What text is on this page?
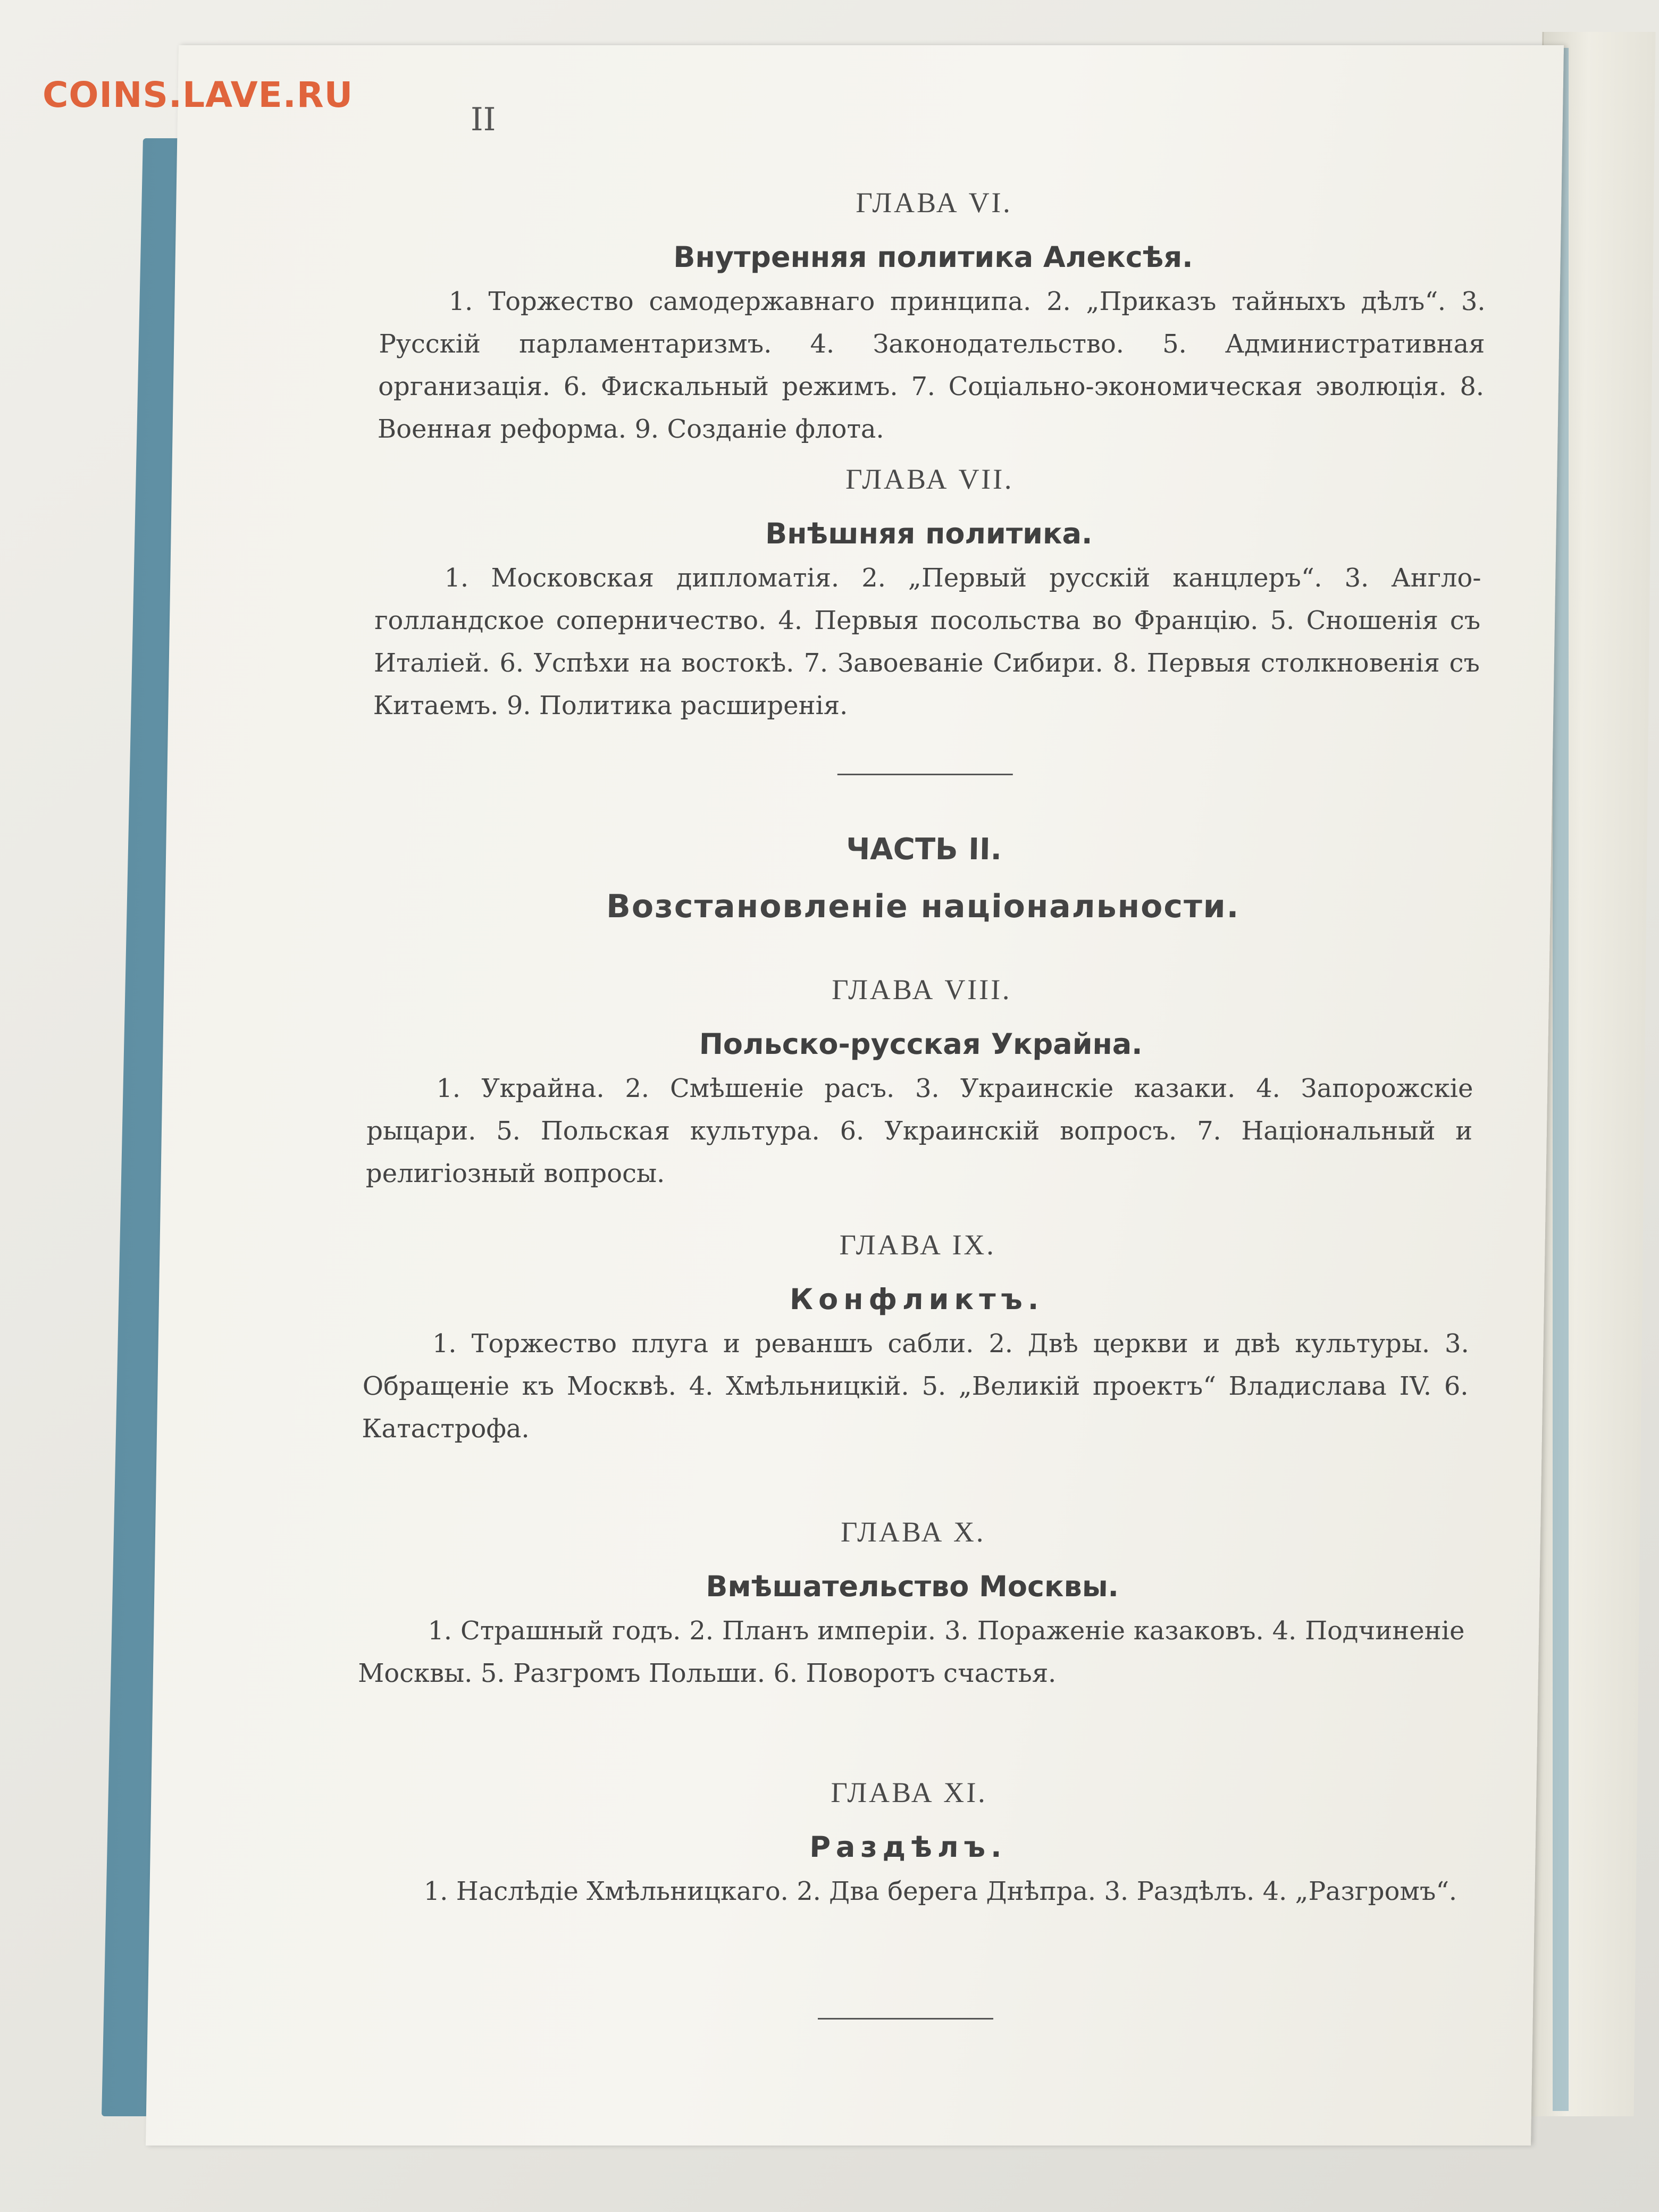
COINS.LAVE.RU
II

ГЛАВА VI.

Внутренняя политика Алексѣя.

1. Торжество самодержавнаго принципа. 2. „Приказъ тайныхъ дѣлъ“. 3. Русскій парламентаризмъ. 4. Законодательство. 5. Административная организація. 6. Фискальный режимъ. 7. Соціально-экономическая эволюція. 8. Военная реформа. 9. Созданіе флота.

ГЛАВА VII.

Внѣшняя политика.

1. Московская дипломатія. 2. „Первый русскій канцлеръ“. 3. Англо-голландское соперничество. 4. Первыя посольства во Францію. 5. Сношенія съ Италіей. 6. Успѣхи на востокѣ. 7. Завоеваніе Сибири. 8. Первыя столкновенія съ Китаемъ. 9. Политика расширенія.

ЧАСТЬ II.

Возстановленіе національности.

ГЛАВА VIII.

Польско-русская Украйна.

1. Украйна. 2. Смѣшеніе расъ. 3. Украинскіе казаки. 4. Запорожскіе рыцари. 5. Польская культура. 6. Украинскій вопросъ. 7. Національный и религіозный вопросы.

ГЛАВА IX.

Конфликтъ.

1. Торжество плуга и реваншъ сабли. 2. Двѣ церкви и двѣ культуры. 3. Обращеніе къ Москвѣ. 4. Хмѣльницкій. 5. „Великій проектъ“ Владислава IV. 6. Катастрофа.

ГЛАВА X.

Вмѣшательство Москвы.

1. Страшный годъ. 2. Планъ имперіи. 3. Пораженіе казаковъ. 4. Подчиненіе Москвы. 5. Разгромъ Польши. 6. Поворотъ счастья.

ГЛАВА XI.

Раздѣлъ.

1. Наслѣдіе Хмѣльницкаго. 2. Два берега Днѣпра. 3. Раздѣлъ. 4. „Разгромъ“.
